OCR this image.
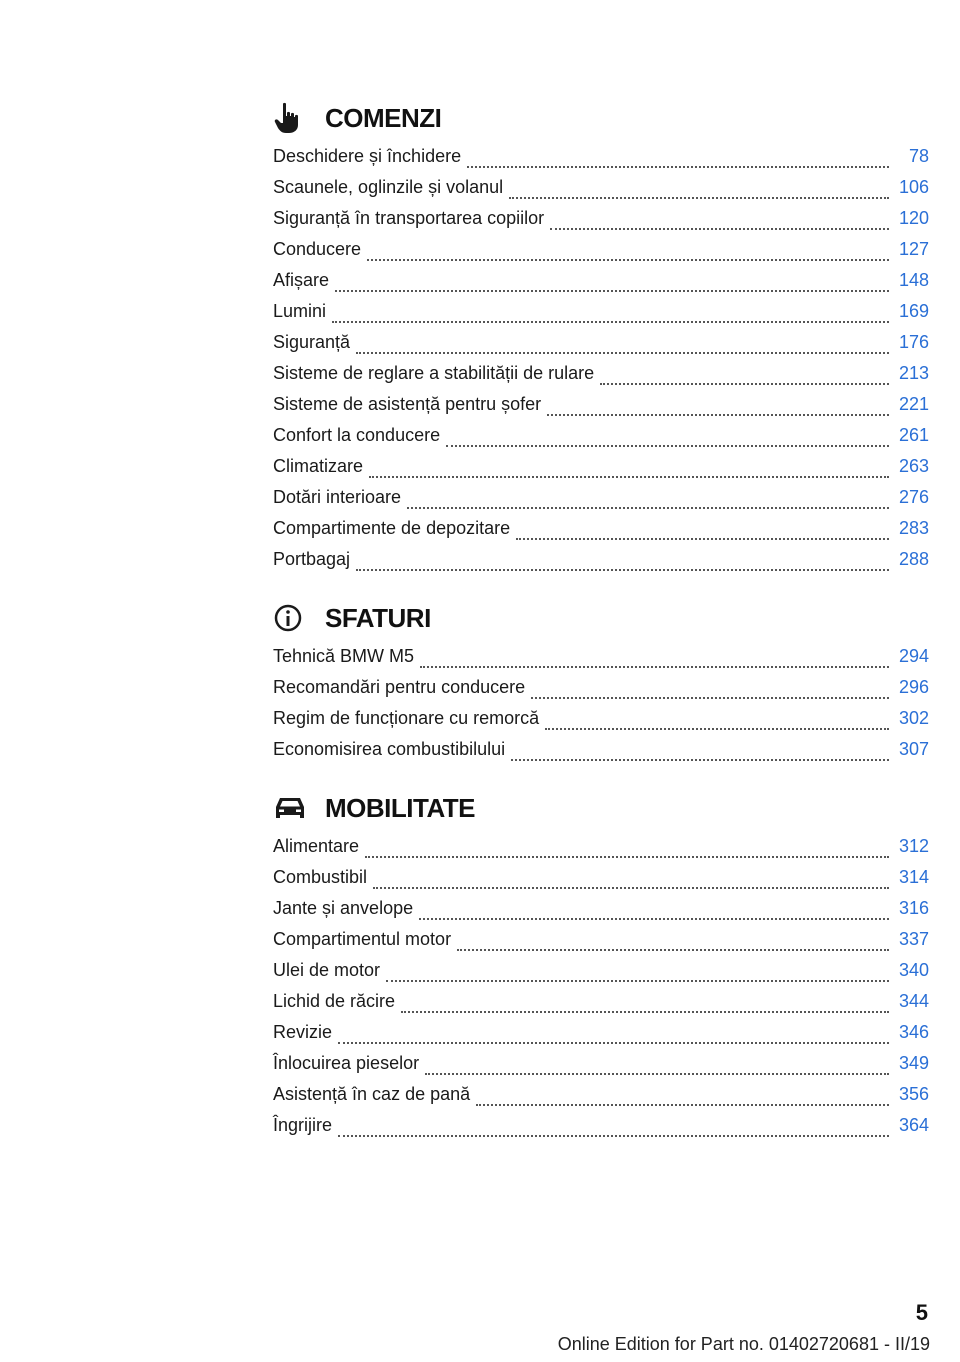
COMENZI
Deschidere și închidere	78
Scaunele, oglinzile și volanul	106
Siguranță în transportarea copiilor	120
Conducere	127
Afișare	148
Lumini	169
Siguranță	176
Sisteme de reglare a stabilității de rulare	213
Sisteme de asistență pentru șofer	221
Confort la conducere	261
Climatizare	263
Dotări interioare	276
Compartimente de depozitare	283
Portbagaj	288
SFATURI
Tehnică BMW M5	294
Recomandări pentru conducere	296
Regim de funcționare cu remorcă	302
Economisirea combustibilului	307
MOBILITATE
Alimentare	312
Combustibil	314
Jante și anvelope	316
Compartimentul motor	337
Ulei de motor	340
Lichid de răcire	344
Revizie	346
Înlocuirea pieselor	349
Asistență în caz de pană	356
Îngrijire	364
5
Online Edition for Part no. 01402720681 - II/19
